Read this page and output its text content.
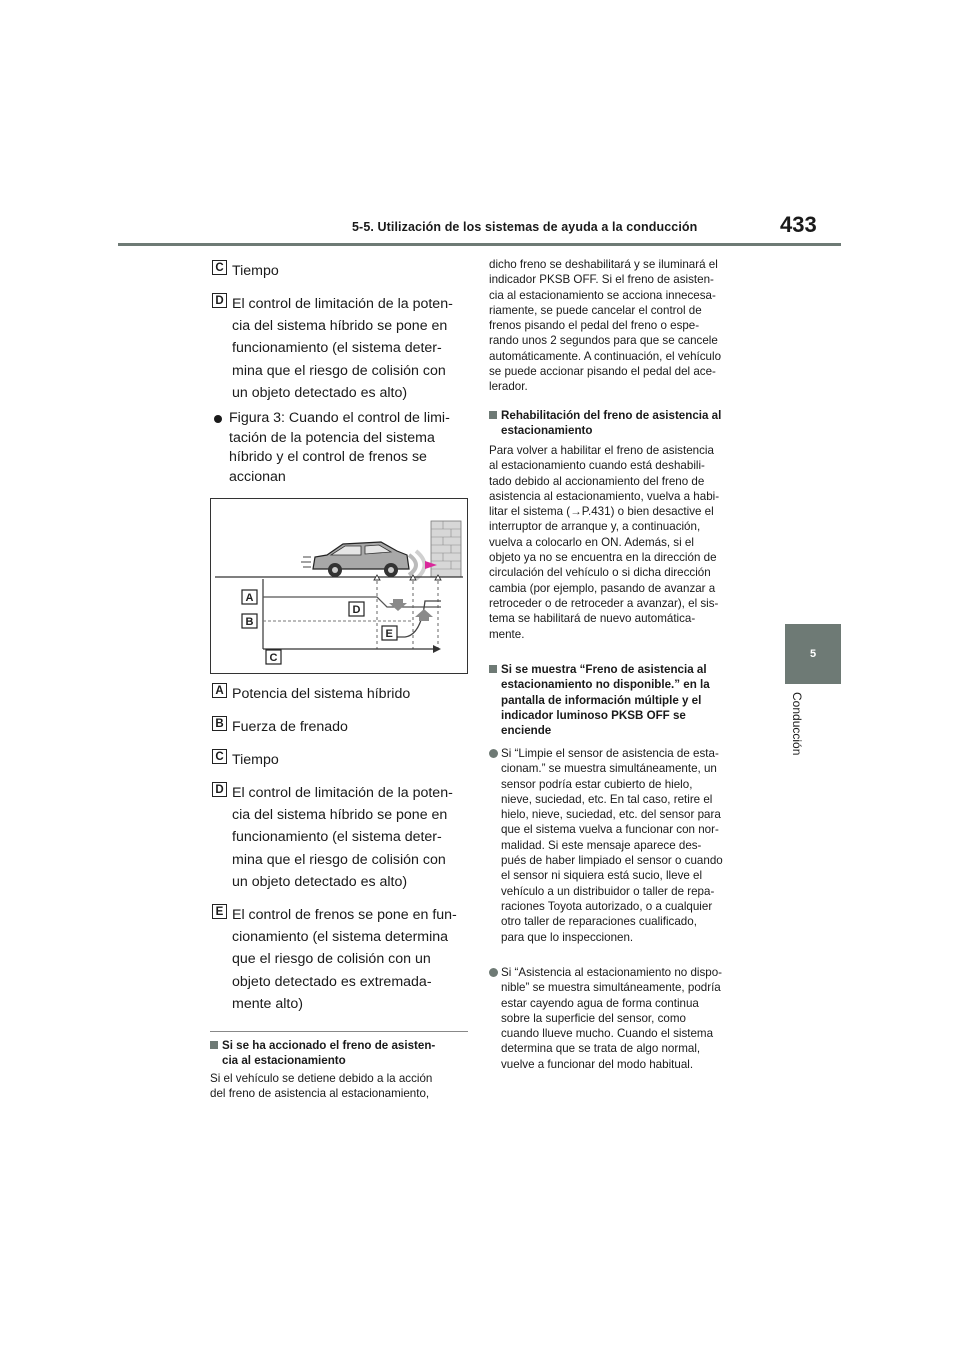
5-5. Utilización de los sistemas de ayuda a la conducción	433
5
Conducción
C Tiempo
D El control de limitación de la poten-
cia del sistema híbrido se pone en
funcionamiento (el sistema deter-
mina que el riesgo de colisión con
un objeto detectado es alto)
Figura 3: Cuando el control de limi-
tación de la potencia del sistema
híbrido y el control de frenos se
accionan
A
B
C
D
E
A Potencia del sistema híbrido
B Fuerza de frenado
C Tiempo
D El control de limitación de la poten-
cia del sistema híbrido se pone en
funcionamiento (el sistema deter-
mina que el riesgo de colisión con
un objeto detectado es alto)
E El control de frenos se pone en fun-
cionamiento (el sistema determina
que el riesgo de colisión con un
objeto detectado es extremada-
mente alto)
Si se ha accionado el freno de asisten-
cia al estacionamiento
Si el vehículo se detiene debido a la acción
del freno de asistencia al estacionamiento,
dicho freno se deshabilitará y se iluminará el
indicador PKSB OFF. Si el freno de asisten-
cia al estacionamiento se acciona innecesa-
riamente, se puede cancelar el control de
frenos pisando el pedal del freno o espe-
rando unos 2 segundos para que se cancele
automáticamente. A continuación, el vehículo
se puede accionar pisando el pedal del ace-
lerador.
Rehabilitación del freno de asistencia al
estacionamiento
Para volver a habilitar el freno de asistencia
al estacionamiento cuando está deshabili-
tado debido al accionamiento del freno de
asistencia al estacionamiento, vuelva a habi-
litar el sistema (→P.431) o bien desactive el
interruptor de arranque y, a continuación,
vuelva a colocarlo en ON. Además, si el
objeto ya no se encuentra en la dirección de
circulación del vehículo o si dicha dirección
cambia (por ejemplo, pasando de avanzar a
retroceder o de retroceder a avanzar), el sis-
tema se habilitará de nuevo automática-
mente.
Si se muestra “Freno de asistencia al
estacionamiento no disponible.” en la
pantalla de información múltiple y el
indicador luminoso PKSB OFF se
enciende
Si “Limpie el sensor de asistencia de esta-
cionam.” se muestra simultáneamente, un
sensor podría estar cubierto de hielo,
nieve, suciedad, etc. En tal caso, retire el
hielo, nieve, suciedad, etc. del sensor para
que el sistema vuelva a funcionar con nor-
malidad. Si este mensaje aparece des-
pués de haber limpiado el sensor o cuando
el sensor ni siquiera está sucio, lleve el
vehículo a un distribuidor o taller de repa-
raciones Toyota autorizado, o a cualquier
otro taller de reparaciones cualificado,
para que lo inspeccionen.
Si “Asistencia al estacionamiento no dispo-
nible” se muestra simultáneamente, podría
estar cayendo agua de forma continua
sobre la superficie del sensor, como
cuando llueve mucho. Cuando el sistema
determina que se trata de algo normal,
vuelve a funcionar del modo habitual.
